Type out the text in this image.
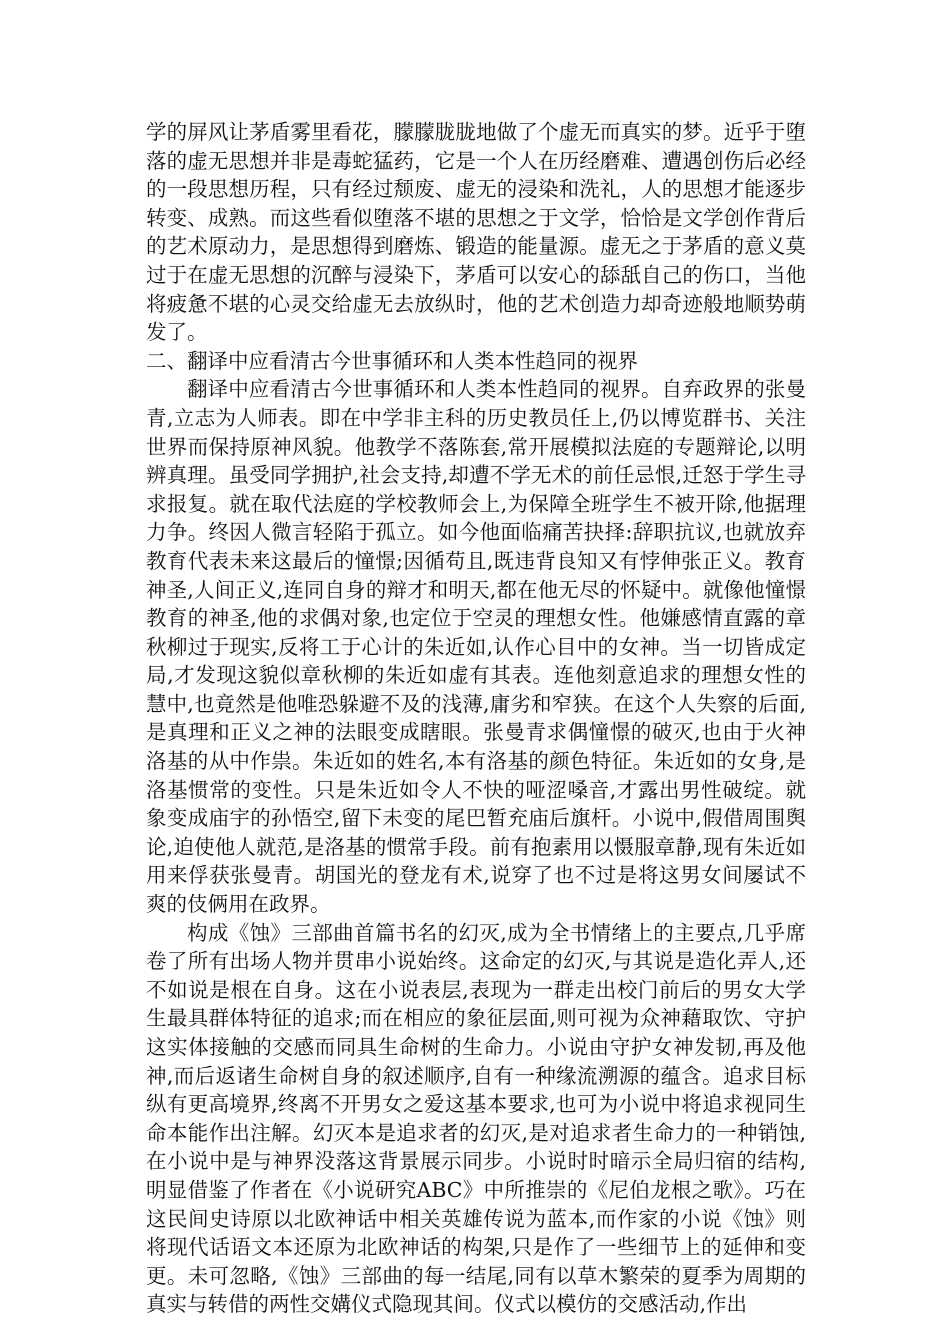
学的屏风让茅盾雾里看花，朦朦胧胧地做了个虚无而真实的梦。近乎于堕落的虚无思想并非是毒蛇猛药，它是一个人在历经磨难、遭遇创伤后必经的一段思想历程，只有经过颓废、虚无的浸染和洗礼，人的思想才能逐步转变、成熟。而这些看似堕落不堪的思想之于文学，恰恰是文学创作背后的艺术原动力，是思想得到磨炼、锻造的能量源。虚无之于茅盾的意义莫过于在虚无思想的沉醉与浸染下，茅盾可以安心的舔舐自己的伤口，当他将疲惫不堪的心灵交给虚无去放纵时，他的艺术创造力却奇迹般地顺势萌发了。

二、翻译中应看清古今世事循环和人类本性趋同的视界

翻译中应看清古今世事循环和人类本性趋同的视界。自弃政界的张曼青,立志为人师表。即在中学非主科的历史教员任上,仍以博览群书、关注世界而保持原神风貌。他教学不落陈套,常开展模拟法庭的专题辩论,以明辨真理。虽受同学拥护,社会支持,却遭不学无术的前任忌恨,迁怒于学生寻求报复。就在取代法庭的学校教师会上,为保障全班学生不被开除,他据理力争。终因人微言轻陷于孤立。如今他面临痛苦抉择:辞职抗议,也就放弃教育代表未来这最后的憧憬;因循苟且,既违背良知又有悖伸张正义。教育神圣,人间正义,连同自身的辩才和明天,都在他无尽的怀疑中。就像他憧憬教育的神圣,他的求偶对象,也定位于空灵的理想女性。他嫌感情直露的章秋柳过于现实,反将工于心计的朱近如,认作心目中的女神。当一切皆成定局,才发现这貌似章秋柳的朱近如虚有其表。连他刻意追求的理想女性的慧中,也竟然是他唯恐躲避不及的浅薄,庸劣和窄狭。在这个人失察的后面,是真理和正义之神的法眼变成瞎眼。张曼青求偶憧憬的破灭,也由于火神洛基的从中作祟。朱近如的姓名,本有洛基的颜色特征。朱近如的女身,是洛基惯常的变性。只是朱近如令人不快的哑涩嗓音,才露出男性破绽。就象变成庙宇的孙悟空,留下未变的尾巴暂充庙后旗杆。小说中,假借周围舆论,迫使他人就范,是洛基的惯常手段。前有抱素用以慑服章静,现有朱近如用来俘获张曼青。胡国光的登龙有术,说穿了也不过是将这男女间屡试不爽的伎俩用在政界。

构成《蚀》三部曲首篇书名的幻灭,成为全书情绪上的主要点,几乎席卷了所有出场人物并贯串小说始终。这命定的幻灭,与其说是造化弄人,还不如说是根在自身。这在小说表层,表现为一群走出校门前后的男女大学生最具群体特征的追求;而在相应的象征层面,则可视为众神藉取饮、守护这实体接触的交感而同具生命树的生命力。小说由守护女神发韧,再及他神,而后返诸生命树自身的叙述顺序,自有一种缘流溯源的蕴含。追求目标纵有更高境界,终离不开男女之爱这基本要求,也可为小说中将追求视同生命本能作出注解。幻灭本是追求者的幻灭,是对追求者生命力的一种销蚀,在小说中是与神界没落这背景展示同步。小说时时暗示全局归宿的结构,明显借鉴了作者在《小说研究ABC》中所推崇的《尼伯龙根之歌》。巧在这民间史诗原以北欧神话中相关英雄传说为蓝本,而作家的小说《蚀》则将现代话语文本还原为北欧神话的构架,只是作了一些细节上的延伸和变更。未可忽略,《蚀》三部曲的每一结尾,同有以草木繁荣的夏季为周期的真实与转借的两性交媾仪式隐现其间。仪式以模仿的交感活动,作出
